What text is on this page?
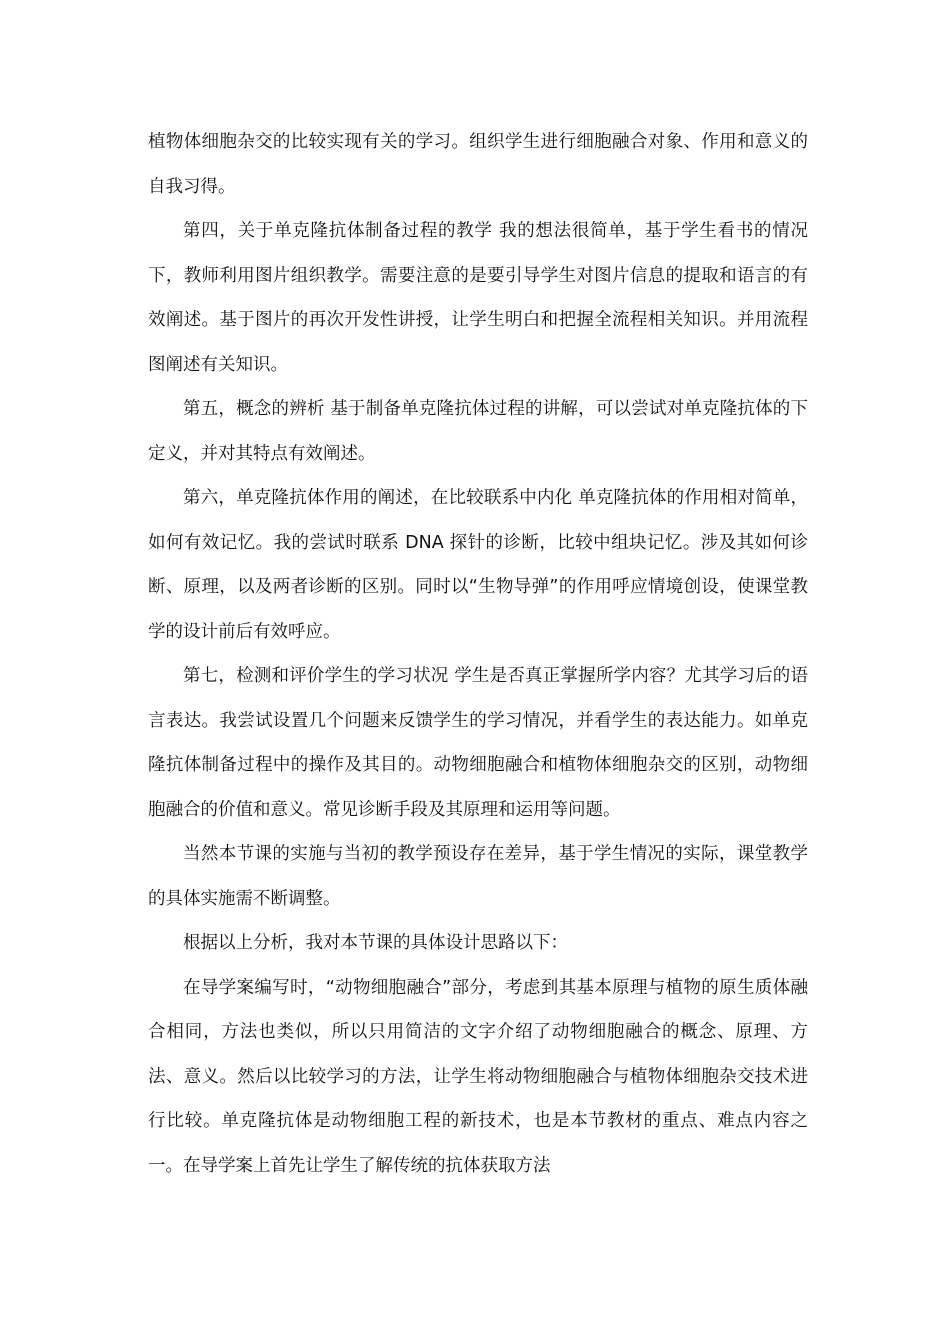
植物体细胞杂交的比较实现有关的学习。组织学生进行细胞融合对象、作用和意义的自我习得。

第四，关于单克隆抗体制备过程的教学 我的想法很简单，基于学生看书的情况下，教师利用图片组织教学。需要注意的是要引导学生对图片信息的提取和语言的有效阐述。基于图片的再次开发性讲授，让学生明白和把握全流程相关知识。并用流程图阐述有关知识。

第五，概念的辨析 基于制备单克隆抗体过程的讲解，可以尝试对单克隆抗体的下定义，并对其特点有效阐述。

第六，单克隆抗体作用的阐述，在比较联系中内化 单克隆抗体的作用相对简单，如何有效记忆。我的尝试时联系 DNA 探针的诊断，比较中组块记忆。涉及其如何诊断、原理，以及两者诊断的区别。同时以“生物导弹”的作用呼应情境创设，使课堂教学的设计前后有效呼应。

第七，检测和评价学生的学习状况 学生是否真正掌握所学内容？尤其学习后的语言表达。我尝试设置几个问题来反馈学生的学习情况，并看学生的表达能力。如单克隆抗体制备过程中的操作及其目的。动物细胞融合和植物体细胞杂交的区别，动物细胞融合的价值和意义。常见诊断手段及其原理和运用等问题。

当然本节课的实施与当初的教学预设存在差异，基于学生情况的实际，课堂教学的具体实施需不断调整。

根据以上分析，我对本节课的具体设计思路以下：

在导学案编写时，“动物细胞融合”部分，考虑到其基本原理与植物的原生质体融合相同，方法也类似，所以只用简洁的文字介绍了动物细胞融合的概念、原理、方法、意义。然后以比较学习的方法，让学生将动物细胞融合与植物体细胞杂交技术进行比较。单克隆抗体是动物细胞工程的新技术，也是本节教材的重点、难点内容之一。在导学案上首先让学生了解传统的抗体获取方法
